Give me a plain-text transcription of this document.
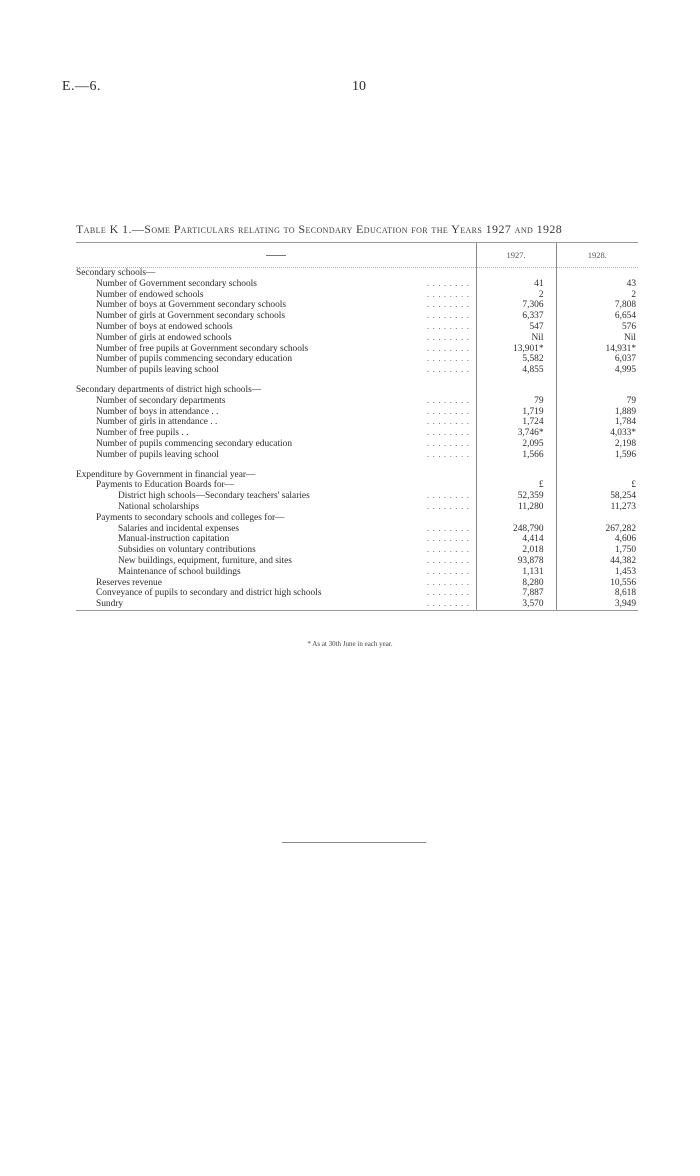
E.—6.	10
Table K 1.—Some Particulars relating to Secondary Education for the Years 1927 and 1928
	1927.	1928.
Secondary schools—		
Number of Government secondary schools . . . . . . . .	41	43
Number of endowed schools . . . . . . . .	2	2
Number of boys at Government secondary schools . . . . . . . .	7,306	7,808
Number of girls at Government secondary schools . . . . . . . .	6,337	6,654
Number of boys at endowed schools . . . . . . . .	547	576
Number of girls at endowed schools . . . . . . . .	Nil	Nil
Number of free pupils at Government secondary schools . . . . . . . .	13,901*	14,931*
Number of pupils commencing secondary education . . . . . . . .	5,582	6,037
Number of pupils leaving school . . . . . . . .	4,855	4,995

Secondary departments of district high schools—		
Number of secondary departments . . . . . . . .	79	79
Number of boys in attendance . . . . . . . . . .	1,719	1,889
Number of girls in attendance . . . . . . . . . .	1,724	1,784
Number of free pupils . . . . . . . . . .	3,746*	4,033*
Number of pupils commencing secondary education . . . . . . . .	2,095	2,198
Number of pupils leaving school . . . . . . . .	1,566	1,596

Expenditure by Government in financial year—		
Payments to Education Boards for—	£	£
District high schools—Secondary teachers' salaries . . . . . . . .	52,359	58,254
National scholarships . . . . . . . .	11,280	11,273
Payments to secondary schools and colleges for—		
Salaries and incidental expenses . . . . . . . .	248,790	267,282
Manual-instruction capitation . . . . . . . .	4,414	4,606
Subsidies on voluntary contributions . . . . . . . .	2,018	1,750
New buildings, equipment, furniture, and sites . . . . . . . .	93,878	44,382
Maintenance of school buildings . . . . . . . .	1,131	1,453
Reserves revenue . . . . . . . .	8,280	10,556
Conveyance of pupils to secondary and district high schools . . . . . . . .	7,887	8,618
Sundry . . . . . . . .	3,570	3,949
* As at 30th June in each year.
